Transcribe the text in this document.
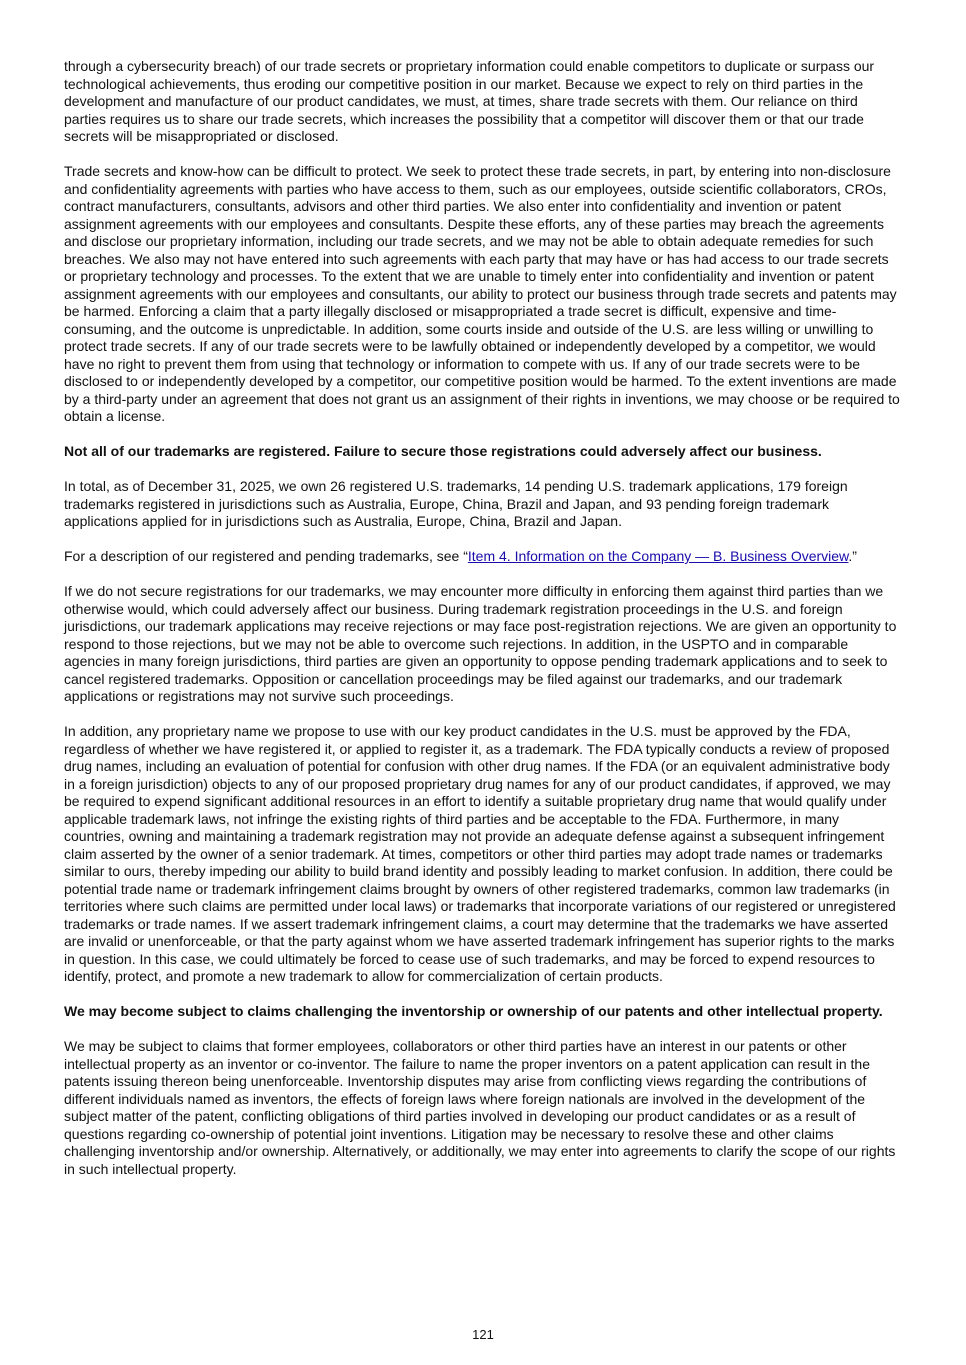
through a cybersecurity breach) of our trade secrets or proprietary information could enable competitors to duplicate or surpass our technological achievements, thus eroding our competitive position in our market. Because we expect to rely on third parties in the development and manufacture of our product candidates, we must, at times, share trade secrets with them. Our reliance on third parties requires us to share our trade secrets, which increases the possibility that a competitor will discover them or that our trade secrets will be misappropriated or disclosed.

Trade secrets and know-how can be difficult to protect. We seek to protect these trade secrets, in part, by entering into non-disclosure and confidentiality agreements with parties who have access to them, such as our employees, outside scientific collaborators, CROs, contract manufacturers, consultants, advisors and other third parties. We also enter into confidentiality and invention or patent assignment agreements with our employees and consultants. Despite these efforts, any of these parties may breach the agreements and disclose our proprietary information, including our trade secrets, and we may not be able to obtain adequate remedies for such breaches. We also may not have entered into such agreements with each party that may have or has had access to our trade secrets or proprietary technology and processes. To the extent that we are unable to timely enter into confidentiality and invention or patent assignment agreements with our employees and consultants, our ability to protect our business through trade secrets and patents may be harmed. Enforcing a claim that a party illegally disclosed or misappropriated a trade secret is difficult, expensive and time-consuming, and the outcome is unpredictable. In addition, some courts inside and outside of the U.S. are less willing or unwilling to protect trade secrets. If any of our trade secrets were to be lawfully obtained or independently developed by a competitor, we would have no right to prevent them from using that technology or information to compete with us. If any of our trade secrets were to be disclosed to or independently developed by a competitor, our competitive position would be harmed. To the extent inventions are made by a third-party under an agreement that does not grant us an assignment of their rights in inventions, we may choose or be required to obtain a license.

Not all of our trademarks are registered. Failure to secure those registrations could adversely affect our business.

In total, as of December 31, 2025, we own 26 registered U.S. trademarks, 14 pending U.S. trademark applications, 179 foreign trademarks registered in jurisdictions such as Australia, Europe, China, Brazil and Japan, and 93 pending foreign trademark applications applied for in jurisdictions such as Australia, Europe, China, Brazil and Japan.

For a description of our registered and pending trademarks, see “Item 4. Information on the Company — B. Business Overview.”

If we do not secure registrations for our trademarks, we may encounter more difficulty in enforcing them against third parties than we otherwise would, which could adversely affect our business. During trademark registration proceedings in the U.S. and foreign jurisdictions, our trademark applications may receive rejections or may face post-registration rejections. We are given an opportunity to respond to those rejections, but we may not be able to overcome such rejections. In addition, in the USPTO and in comparable agencies in many foreign jurisdictions, third parties are given an opportunity to oppose pending trademark applications and to seek to cancel registered trademarks. Opposition or cancellation proceedings may be filed against our trademarks, and our trademark applications or registrations may not survive such proceedings.

In addition, any proprietary name we propose to use with our key product candidates in the U.S. must be approved by the FDA, regardless of whether we have registered it, or applied to register it, as a trademark. The FDA typically conducts a review of proposed drug names, including an evaluation of potential for confusion with other drug names. If the FDA (or an equivalent administrative body in a foreign jurisdiction) objects to any of our proposed proprietary drug names for any of our product candidates, if approved, we may be required to expend significant additional resources in an effort to identify a suitable proprietary drug name that would qualify under applicable trademark laws, not infringe the existing rights of third parties and be acceptable to the FDA. Furthermore, in many countries, owning and maintaining a trademark registration may not provide an adequate defense against a subsequent infringement claim asserted by the owner of a senior trademark. At times, competitors or other third parties may adopt trade names or trademarks similar to ours, thereby impeding our ability to build brand identity and possibly leading to market confusion. In addition, there could be potential trade name or trademark infringement claims brought by owners of other registered trademarks, common law trademarks (in territories where such claims are permitted under local laws) or trademarks that incorporate variations of our registered or unregistered trademarks or trade names. If we assert trademark infringement claims, a court may determine that the trademarks we have asserted are invalid or unenforceable, or that the party against whom we have asserted trademark infringement has superior rights to the marks in question. In this case, we could ultimately be forced to cease use of such trademarks, and may be forced to expend resources to identify, protect, and promote a new trademark to allow for commercialization of certain products.

We may become subject to claims challenging the inventorship or ownership of our patents and other intellectual property.

We may be subject to claims that former employees, collaborators or other third parties have an interest in our patents or other intellectual property as an inventor or co-inventor. The failure to name the proper inventors on a patent application can result in the patents issuing thereon being unenforceable. Inventorship disputes may arise from conflicting views regarding the contributions of different individuals named as inventors, the effects of foreign laws where foreign nationals are involved in the development of the subject matter of the patent, conflicting obligations of third parties involved in developing our product candidates or as a result of questions regarding co-ownership of potential joint inventions. Litigation may be necessary to resolve these and other claims challenging inventorship and/or ownership. Alternatively, or additionally, we may enter into agreements to clarify the scope of our rights in such intellectual property.

121
